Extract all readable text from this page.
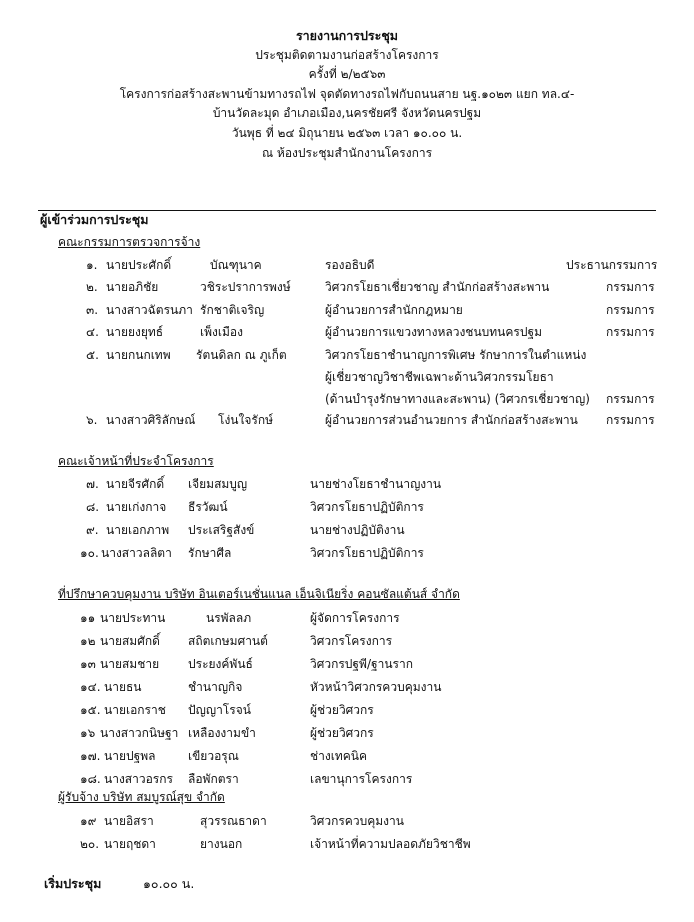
รายงานการประชุม
ประชุมติดตามงานก่อสร้างโครงการ
ครั้งที่ ๒/๒๕๖๓
โครงการก่อสร้างสะพานข้ามทางรถไฟ จุดตัดทางรถไฟกับถนนสาย นฐ.๑๐๒๓ แยก ทล.๔-
บ้านวัดละมุด อำเภอเมือง,นครชัยศรี จังหวัดนครปฐม
วันพุธ ที่ ๒๔ มิถุนายน ๒๕๖๓ เวลา ๑๐.๐๐ น.
ณ ห้องประชุมสำนักงานโครงการ
ผู้เข้าร่วมการประชุม
คณะกรรมการตรวจการจ้าง
๑. นายประศักดิ์	บัณฑุนาค	รองอธิบดี	ประธานกรรมการ
๒. นายอภิชัย	วชิระปราการพงษ์	วิศวกรโยธาเชี่ยวชาญ สำนักก่อสร้างสะพาน	กรรมการ
๓. นางสาวฉัตรนภา รักชาติเจริญ	ผู้อำนวยการสำนักกฎหมาย	กรรมการ
๔. นายยงยุทธ์	เพ็งเมือง	ผู้อำนวยการแขวงทางหลวงชนบทนครปฐม	กรรมการ
๕. นายกนกเทพ รัตนดิลก ณ ภูเก็ต	วิศวกรโยธาชำนาญการพิเศษ รักษาการในตำแหน่ง
ผู้เชี่ยวชาญวิชาชีพเฉพาะด้านวิศวกรรมโยธา
(ด้านบำรุงรักษาทางและสะพาน) (วิศวกรเชี่ยวชาญ) กรรมการ
๖. นางสาวศิริลักษณ์ โง่นใจรักษ์	ผู้อำนวยการส่วนอำนวยการ สำนักก่อสร้างสะพาน กรรมการ
คณะเจ้าหน้าที่ประจำโครงการ
๗. นายจีรศักดิ์ เจียมสมบูญ	นายช่างโยธาชำนาญงาน
๘. นายเก่งกาจ ธีรวัฒน์	วิศวกรโยธาปฏิบัติการ
๙. นายเอกภาพ ประเสริฐสังข์	นายช่างปฏิบัติงาน
๑๐. นางสาวลลิตา รักษาศีล	วิศวกรโยธาปฏิบัติการ
ที่ปรึกษาควบคุมงาน บริษัท อินเตอร์เนชั่นแนล เอ็นจิเนียริ่ง คอนซัลแต้นส์ จำกัด
๑๑ นายประทาน	นรพัลลภ	ผู้จัดการโครงการ
๑๒ นายสมศักดิ์ สถิตเกษมศานต์	วิศวกรโครงการ
๑๓ นายสมชาย ประยงค์พันธ์	วิศวกรปฐพี/ฐานราก
๑๔. นายธน	ชำนาญกิจ	หัวหน้าวิศวกรควบคุมงาน
๑๕. นายเอกราช ปัญญาโรจน์	ผู้ช่วยวิศวกร
๑๖ นางสาวกนิษฐา เหลืองงามขำ	ผู้ช่วยวิศวกร
๑๗. นายปฐพล	เขียวอรุณ	ช่างเทคนิค
๑๘. นางสาวอรกร ลือพักตรา	เลขานุการโครงการ
ผู้รับจ้าง บริษัท สมบูรณ์สุข จำกัด
๑๙ นายอิสรา	สุวรรณธาดา	วิศวกรควบคุมงาน
๒๐. นายฤชดา	ยางนอก	เจ้าหน้าที่ความปลอดภัยวิชาชีพ
เริ่มประชุม	๑๐.๐๐ น.
